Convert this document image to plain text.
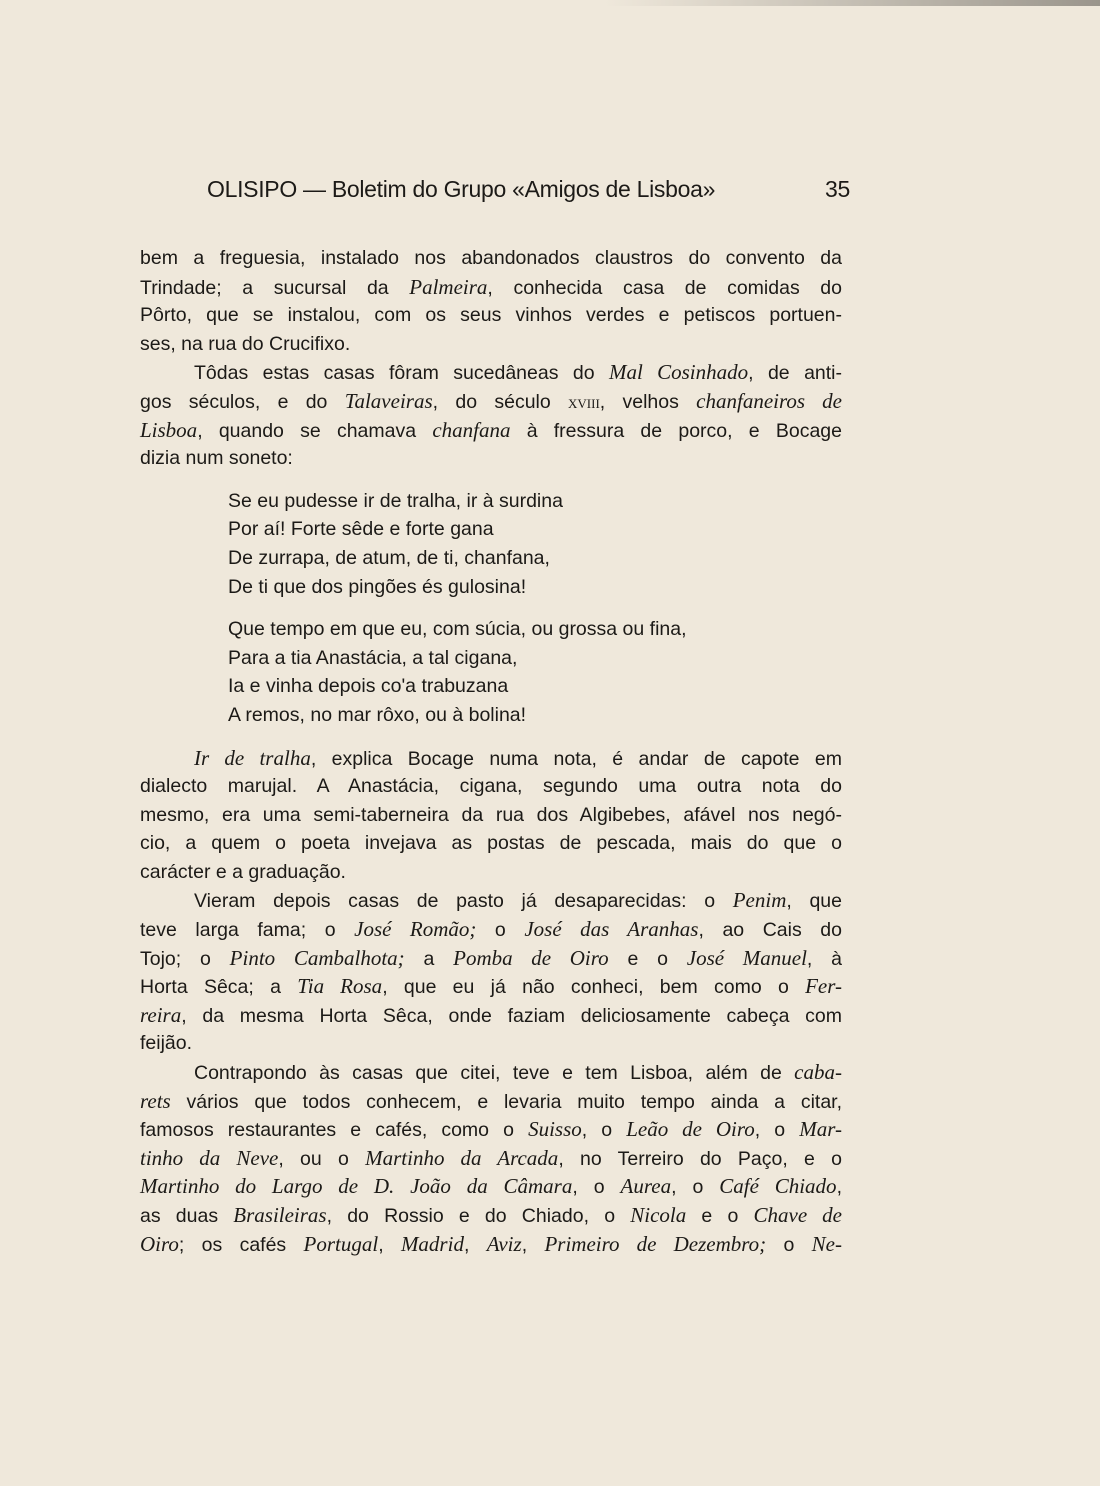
OLISIPO — Boletim do Grupo «Amigos de Lisboa»	35
bem a freguesia, instalado nos abandonados claustros do convento da
Trindade; a sucursal da Palmeira, conhecida casa de comidas do
Pôrto, que se instalou, com os seus vinhos verdes e petiscos portuen-
ses, na rua do Crucifixo.
Tôdas estas casas fôram sucedâneas do Mal Cosinhado, de anti-
gos séculos, e do Talaveiras, do século xviii, velhos chanfaneiros de
Lisboa, quando se chamava chanfana à fressura de porco, e Bocage
dizia num soneto:
Se eu pudesse ir de tralha, ir à surdina
Por aí! Forte sêde e forte gana
De zurrapa, de atum, de ti, chanfana,
De ti que dos pingões és gulosina!
Que tempo em que eu, com súcia, ou grossa ou fina,
Para a tia Anastácia, a tal cigana,
Ia e vinha depois co'a trabuzana
A remos, no mar rôxo, ou à bolina!
Ir de tralha, explica Bocage numa nota, é andar de capote em
dialecto marujal. A Anastácia, cigana, segundo uma outra nota do
mesmo, era uma semi-taberneira da rua dos Algibebes, afável nos negó-
cio, a quem o poeta invejava as postas de pescada, mais do que o
carácter e a graduação.
Vieram depois casas de pasto já desaparecidas: o Penim, que
teve larga fama; o José Romão; o José das Aranhas, ao Cais do
Tojo; o Pinto Cambalhota; a Pomba de Oiro e o José Manuel, à
Horta Sêca; a Tia Rosa, que eu já não conheci, bem como o Fer-
reira, da mesma Horta Sêca, onde faziam deliciosamente cabeça com
feijão.
Contrapondo às casas que citei, teve e tem Lisboa, além de caba-
rets vários que todos conhecem, e levaria muito tempo ainda a citar,
famosos restaurantes e cafés, como o Suisso, o Leão de Oiro, o Mar-
tinho da Neve, ou o Martinho da Arcada, no Terreiro do Paço, e o
Martinho do Largo de D. João da Câmara, o Aurea, o Café Chiado,
as duas Brasileiras, do Rossio e do Chiado, o Nicola e o Chave de
Oiro; os cafés Portugal, Madrid, Aviz, Primeiro de Dezembro; o Ne-
